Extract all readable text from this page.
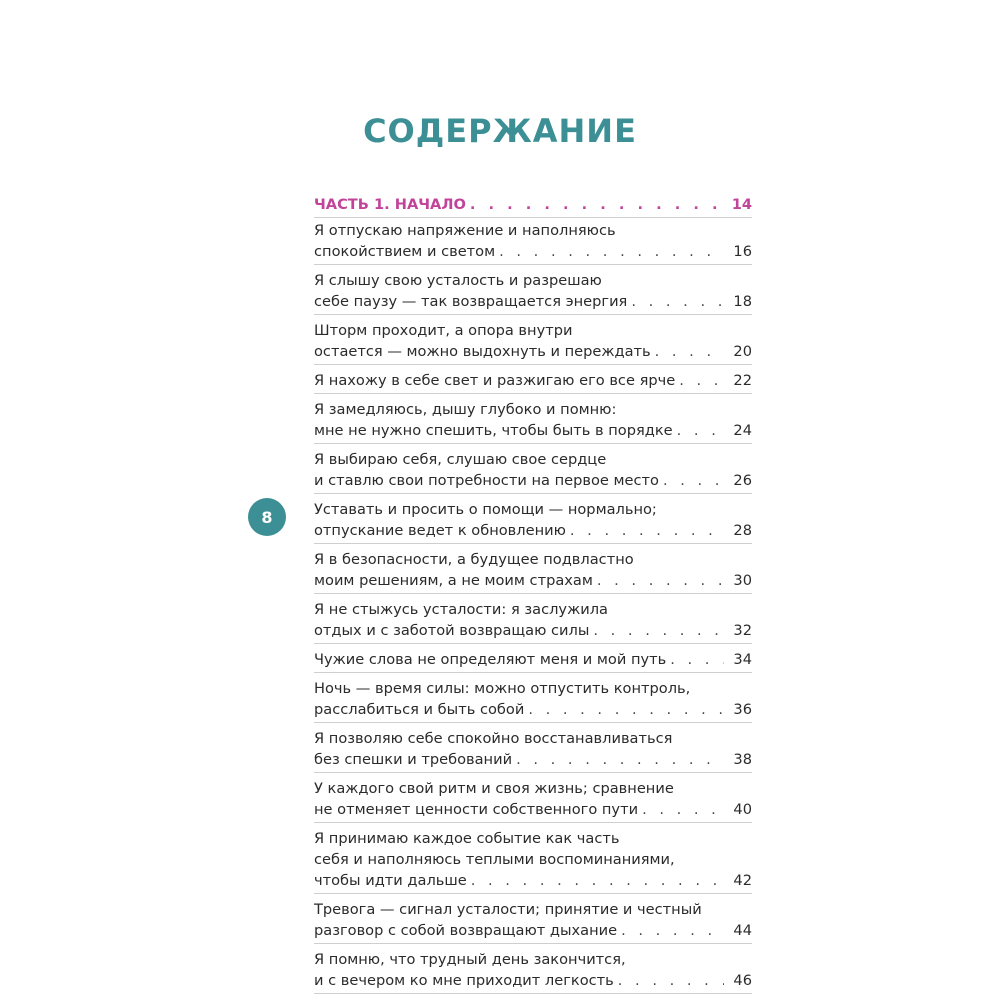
СОДЕРЖАНИЕ
8
ЧАСТЬ 1. НАЧАЛО . . .	14
Я отпускаю напряжение и наполняюсь
спокойствием и светом . . .	16
Я слышу свою усталость и разрешаю
себе паузу — так возвращается энергия . . .	18
Шторм проходит, а опора внутри
остается — можно выдохнуть и переждать . . .	20
Я нахожу в себе свет и разжигаю его все ярче . . .	22
Я замедляюсь, дышу глубоко и помню:
мне не нужно спешить, чтобы быть в порядке . . .	24
Я выбираю себя, слушаю свое сердце
и ставлю свои потребности на первое место . . .	26
Уставать и просить о помощи — нормально;
отпускание ведет к обновлению . . .	28
Я в безопасности, а будущее подвластно
моим решениям, а не моим страхам . . .	30
Я не стыжусь усталости: я заслужила
отдых и с заботой возвращаю силы . . .	32
Чужие слова не определяют меня и мой путь . . .	34
Ночь — время силы: можно отпустить контроль,
расслабиться и быть собой . . .	36
Я позволяю себе спокойно восстанавливаться
без спешки и требований . . .	38
У каждого свой ритм и своя жизнь; сравнение
не отменяет ценности собственного пути . . .	40
Я принимаю каждое событие как часть
себя и наполняюсь теплыми воспоминаниями,
чтобы идти дальше . . .	42
Тревога — сигнал усталости; принятие и честный
разговор с собой возвращают дыхание . . .	44
Я помню, что трудный день закончится,
и с вечером ко мне приходит легкость . . .	46
